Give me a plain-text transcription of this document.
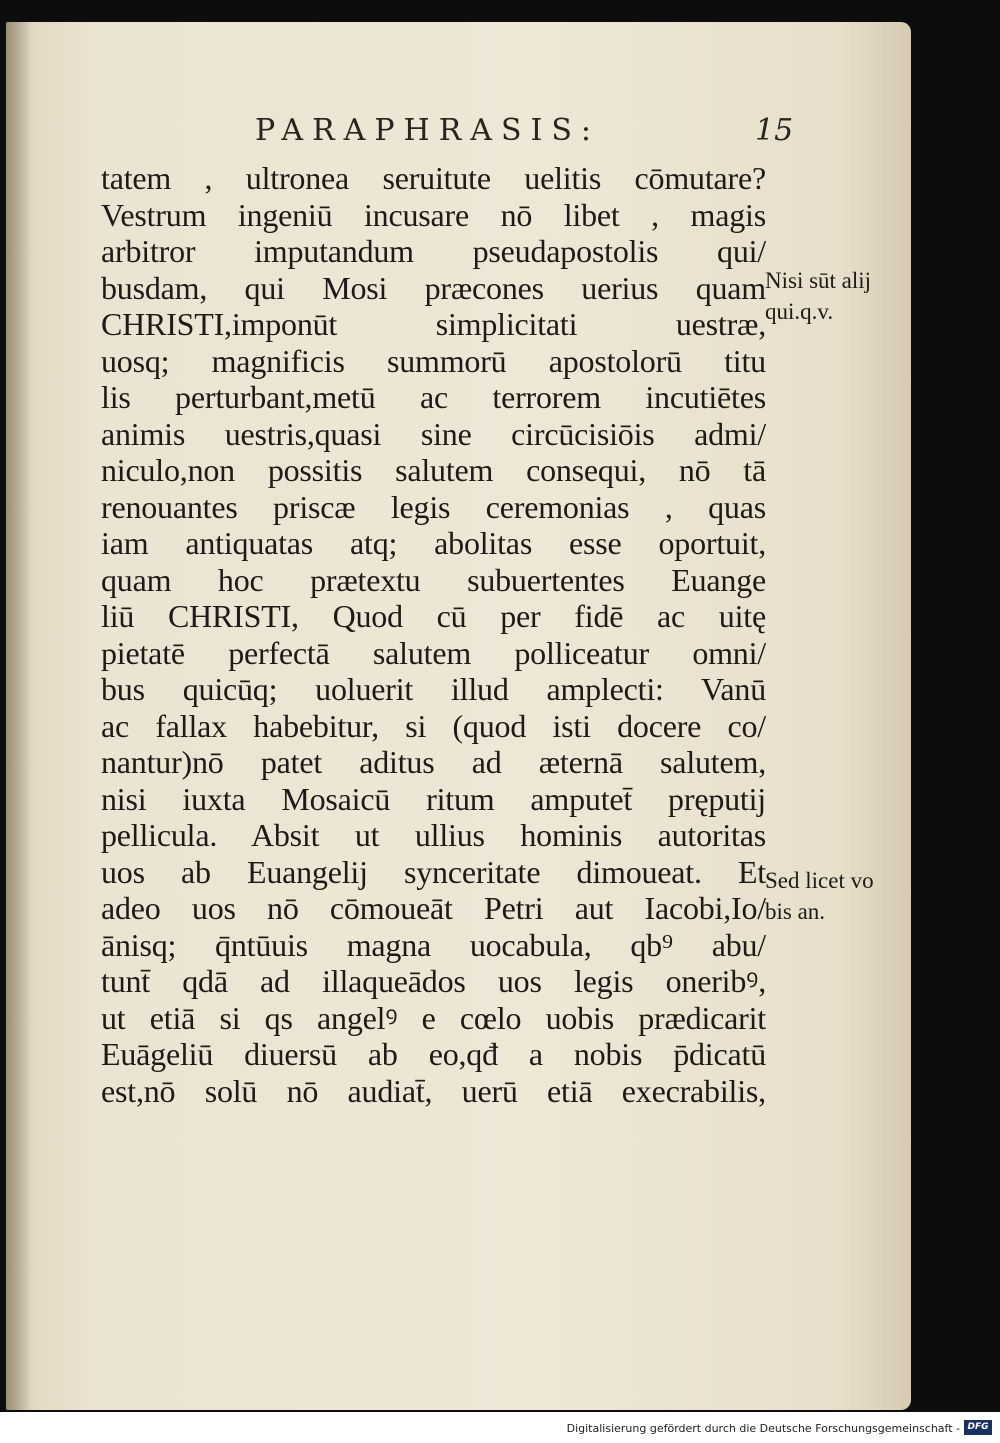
PARAPHRASIS:	15
tatem , ultronea seruitute uelitis cōmutare?
Vestrum ingeniū incusare nō libet , magis
arbitror imputandum pseudapostolis qui/
busdam, qui Mosi præcones uerius quam
CHRISTI,imponūt simplicitati uestræ,
uosq; magnificis summorū apostolorū titu
lis perturbant,metū ac terrorem incutiētes
animis uestris,quasi sine circūcisiōis admi/
niculo,non possitis salutem consequi, nō tā
renouantes priscæ legis ceremonias , quas
iam antiquatas atq; abolitas esse oportuit,
quam hoc prætextu subuertentes Euange
liū CHRISTI, Quod cū per fidē ac uitę
pietatē perfectā salutem polliceatur omni/
bus quicūq; uoluerit illud amplecti: Vanū
ac fallax habebitur, si (quod isti docere co/
nantur)nō patet aditus ad æternā salutem,
nisi iuxta Mosaicū ritum amputet̄ pręputij
pellicula. Absit ut ullius hominis autoritas
uos ab Euangelij synceritate dimoueat. Et
adeo uos nō cōmoueāt Petri aut Iacobi,Io/
ānisq; q̄ntūuis magna uocabula, qb⁹ abu/
tunt̄ qdā ad illaqueādos uos legis oneribꝰ,
ut etiā si qs angelꝰ e cœlo uobis prædicarit
Euāgeliū diuersū ab eo,qđ a nobis p̄dicatū
est,nō solū nō audiat̄, uerū etiā execrabilis,
Nisi sūt alij
qui.q.v.
Sed licet vo
bis an.
Digitalisierung gefördert durch die Deutsche Forschungsgemeinschaft - DFG
